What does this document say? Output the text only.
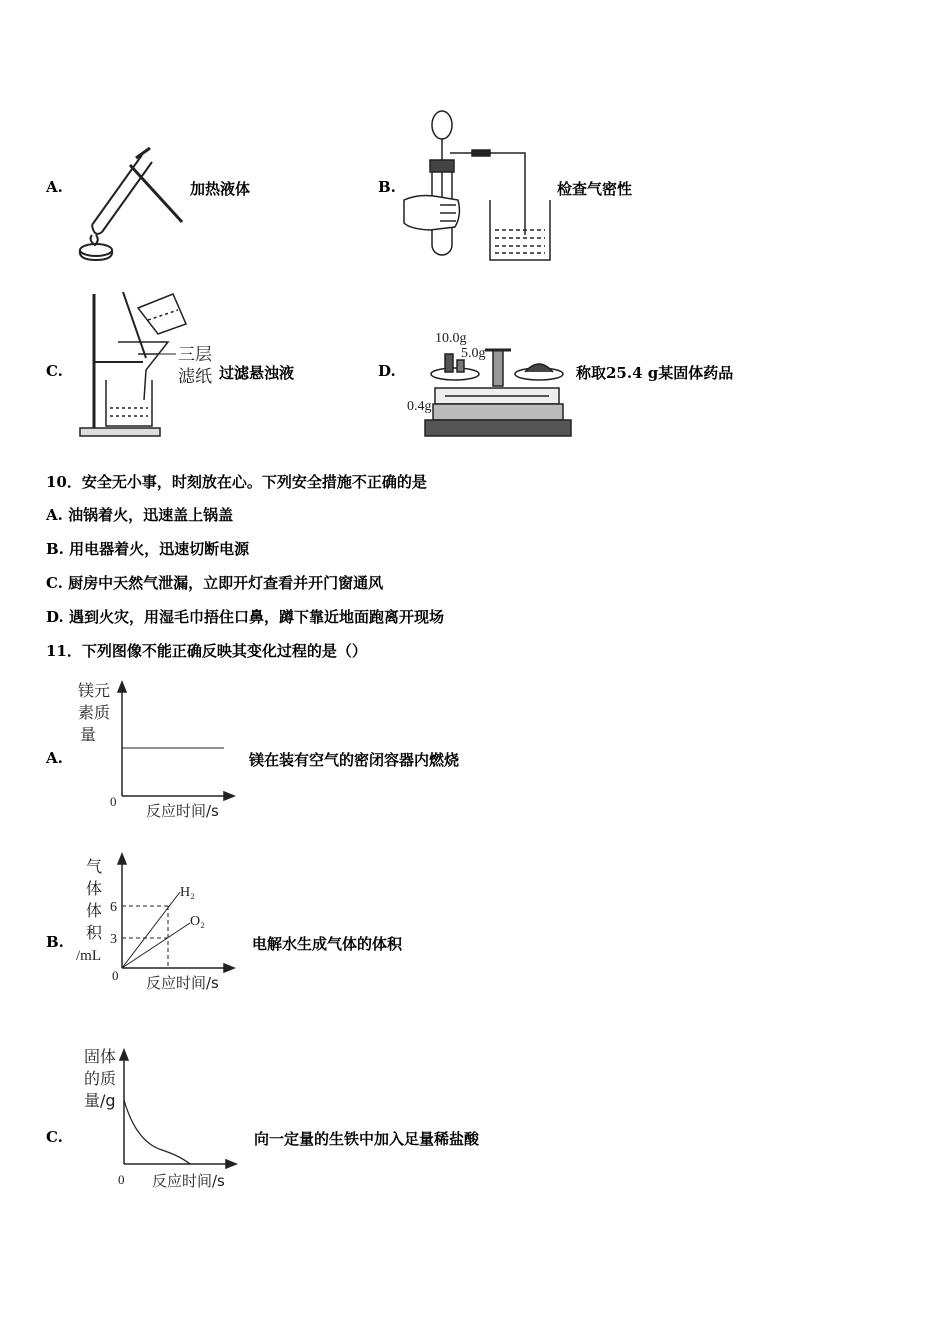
A.	加热液体	B.	检查气密性
C.
三层
滤纸 过滤悬浊液	D.
10.0g
5.0g
0.4g
称取25.4 g某固体药品
10．安全无小事，时刻放在心。下列安全措施不正确的是
A. 油锅着火，迅速盖上锅盖
B. 用电器着火，迅速切断电源
C. 厨房中天然气泄漏，立即开灯查看并开门窗通风
D. 遇到火灾，用湿毛巾捂住口鼻，蹲下靠近地面跑离开现场
11．下列图像不能正确反映其变化过程的是（）
A.
镁元
素质
量
0
反应时间/s
镁在装有空气的密闭容器内燃烧
B.
气
体
体
积
/mL
6
3
H₂
O₂
0 反应时间/s
电解水生成气体的体积
C.
固体
的质
量/g
0 反应时间/s
向一定量的生铁中加入足量稀盐酸
